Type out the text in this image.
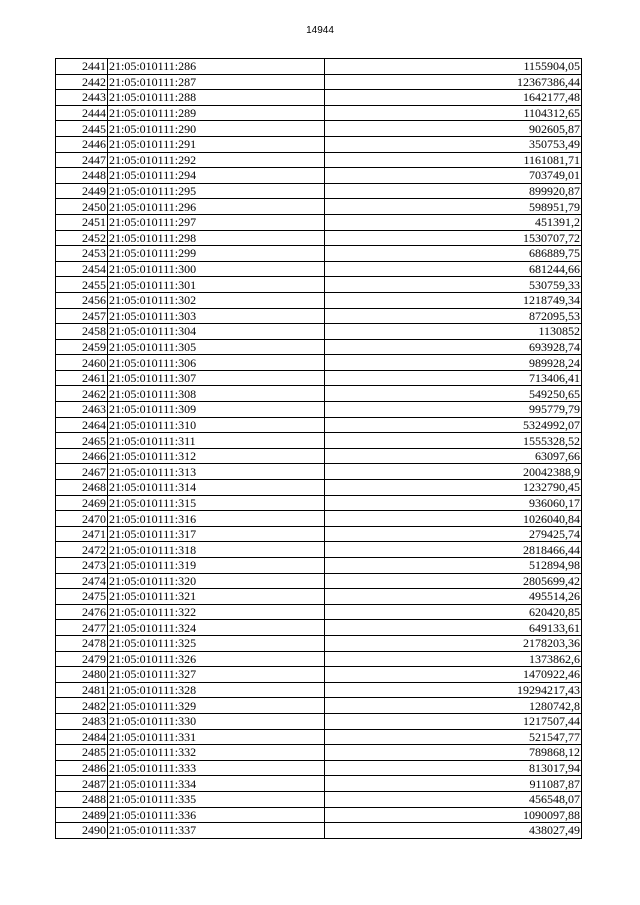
14944
2441	21:05:010111:286	1155904,05
2442	21:05:010111:287	12367386,44
2443	21:05:010111:288	1642177,48
2444	21:05:010111:289	1104312,65
2445	21:05:010111:290	902605,87
2446	21:05:010111:291	350753,49
2447	21:05:010111:292	1161081,71
2448	21:05:010111:294	703749,01
2449	21:05:010111:295	899920,87
2450	21:05:010111:296	598951,79
2451	21:05:010111:297	451391,2
2452	21:05:010111:298	1530707,72
2453	21:05:010111:299	686889,75
2454	21:05:010111:300	681244,66
2455	21:05:010111:301	530759,33
2456	21:05:010111:302	1218749,34
2457	21:05:010111:303	872095,53
2458	21:05:010111:304	1130852
2459	21:05:010111:305	693928,74
2460	21:05:010111:306	989928,24
2461	21:05:010111:307	713406,41
2462	21:05:010111:308	549250,65
2463	21:05:010111:309	995779,79
2464	21:05:010111:310	5324992,07
2465	21:05:010111:311	1555328,52
2466	21:05:010111:312	63097,66
2467	21:05:010111:313	20042388,9
2468	21:05:010111:314	1232790,45
2469	21:05:010111:315	936060,17
2470	21:05:010111:316	1026040,84
2471	21:05:010111:317	279425,74
2472	21:05:010111:318	2818466,44
2473	21:05:010111:319	512894,98
2474	21:05:010111:320	2805699,42
2475	21:05:010111:321	495514,26
2476	21:05:010111:322	620420,85
2477	21:05:010111:324	649133,61
2478	21:05:010111:325	2178203,36
2479	21:05:010111:326	1373862,6
2480	21:05:010111:327	1470922,46
2481	21:05:010111:328	19294217,43
2482	21:05:010111:329	1280742,8
2483	21:05:010111:330	1217507,44
2484	21:05:010111:331	521547,77
2485	21:05:010111:332	789868,12
2486	21:05:010111:333	813017,94
2487	21:05:010111:334	911087,87
2488	21:05:010111:335	456548,07
2489	21:05:010111:336	1090097,88
2490	21:05:010111:337	438027,49
